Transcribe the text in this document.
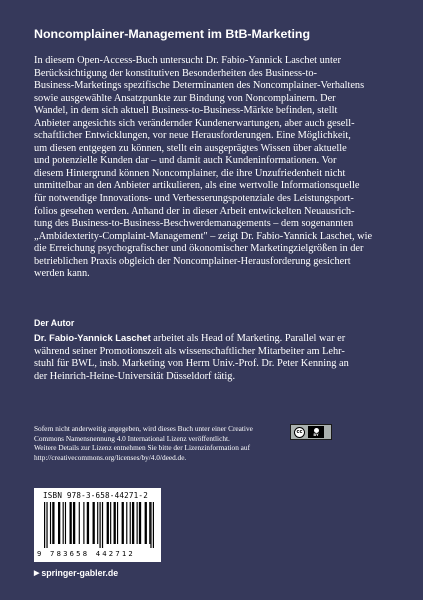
Noncomplainer-Management im BtB-Marketing
In diesem Open-Access-Buch untersucht Dr. Fabio-Yannick Laschet unter
Berücksichtigung der konstitutiven Besonderheiten des Business-to-
Business-Marketings spezifische Determinanten des Noncomplainer-Verhaltens
sowie ausgewählte Ansatzpunkte zur Bindung von Noncomplainern. Der
Wandel, in dem sich aktuell Business-to-Business-Märkte befinden, stellt
Anbieter angesichts sich verändernder Kundenerwartungen, aber auch gesell-
schaftlicher Entwicklungen, vor neue Herausforderungen. Eine Möglichkeit,
um diesen entgegen zu können, stellt ein ausgeprägtes Wissen über aktuelle
und potenzielle Kunden dar – und damit auch Kundeninformationen. Vor
diesem Hintergrund können Noncomplainer, die ihre Unzufriedenheit nicht
unmittelbar an den Anbieter artikulieren, als eine wertvolle Informationsquelle
für notwendige Innovations- und Verbesserungspotenziale des Leistungsport-
folios gesehen werden. Anhand der in dieser Arbeit entwickelten Neuausrich-
tung des Business-to-Business-Beschwerdemanagements – dem sogenannten
„Ambidexterity-Complaint-Management" – zeigt Dr. Fabio-Yannick Laschet, wie
die Erreichung psychografischer und ökonomischer Marketingzielgrößen in der
betrieblichen Praxis obgleich der Noncomplainer-Herausforderung gesichert
werden kann.
Der Autor
Dr. Fabio-Yannick Laschet arbeitet als Head of Marketing. Parallel war er
während seiner Promotionszeit als wissenschaftlicher Mitarbeiter am Lehr-
stuhl für BWL, insb. Marketing von Herrn Univ.-Prof. Dr. Peter Kenning an
der Heinrich-Heine-Universität Düsseldorf tätig.
Sofern nicht anderweitig angegeben, wird dieses Buch unter einer Creative
Commons Namensnennung 4.0 International Lizenz veröffentlicht.
Weitere Details zur Lizenz entnehmen Sie bitte der Lizenzinformation auf
http://creativecommons.org/licenses/by/4.0/deed.de.
cc	BY
ISBN 978-3-658-44271-2
9 783658 442712
▶ springer-gabler.de
